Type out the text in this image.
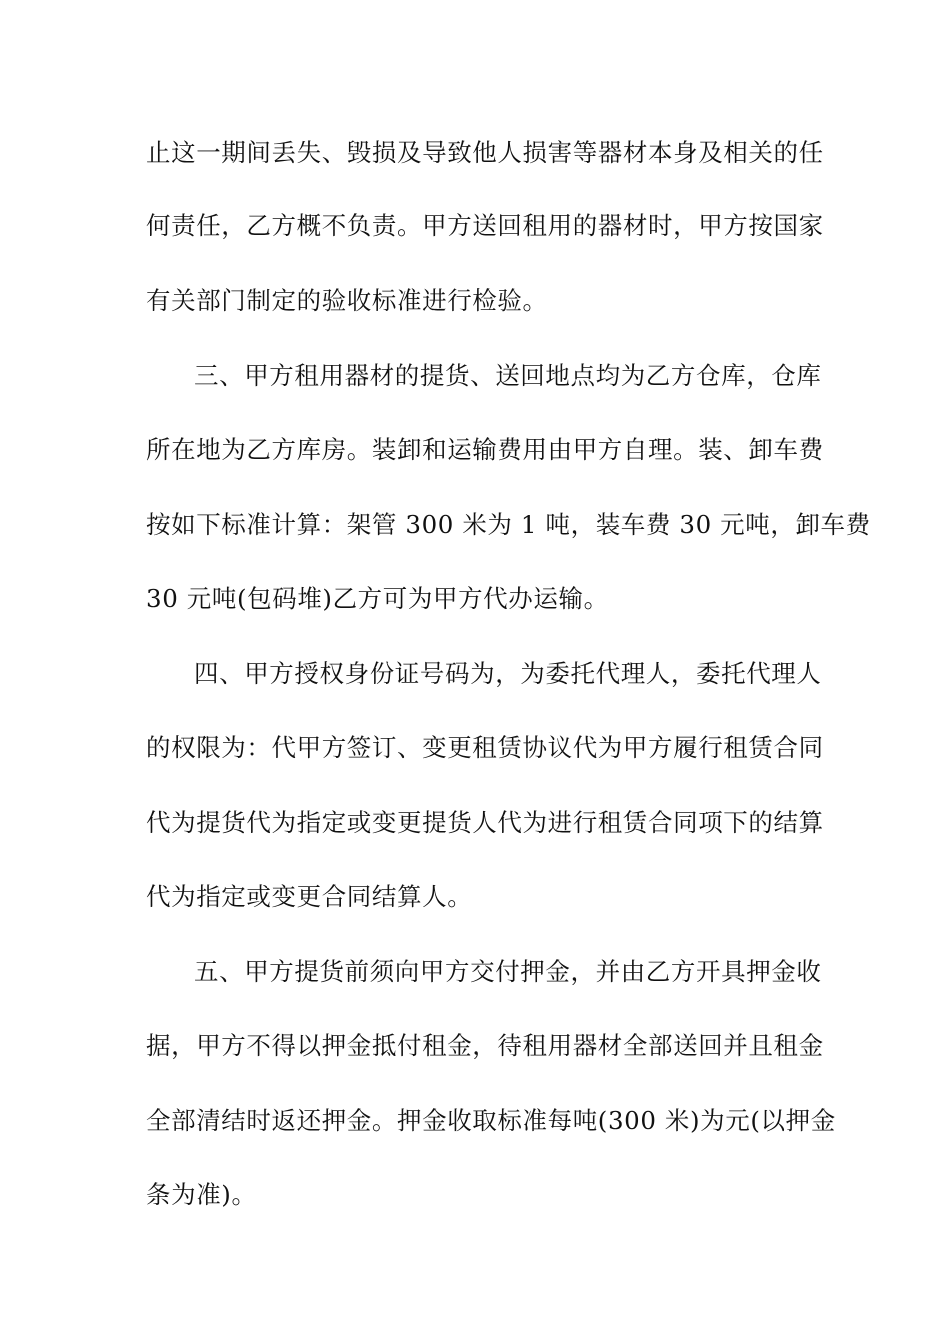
止这一期间丢失、毁损及导致他人损害等器材本身及相关的任
何责任，乙方概不负责。甲方送回租用的器材时，甲方按国家
有关部门制定的验收标准进行检验。
三、甲方租用器材的提货、送回地点均为乙方仓库，仓库
所在地为乙方库房。装卸和运输费用由甲方自理。装、卸车费
按如下标准计算：架管 300 米为 1 吨，装车费 30 元吨，卸车费
30 元吨(包码堆)乙方可为甲方代办运输。
四、甲方授权身份证号码为，为委托代理人，委托代理人
的权限为：代甲方签订、变更租赁协议代为甲方履行租赁合同
代为提货代为指定或变更提货人代为进行租赁合同项下的结算
代为指定或变更合同结算人。
五、甲方提货前须向甲方交付押金，并由乙方开具押金收
据，甲方不得以押金抵付租金，待租用器材全部送回并且租金
全部清结时返还押金。押金收取标准每吨(300 米)为元(以押金
条为准)。
